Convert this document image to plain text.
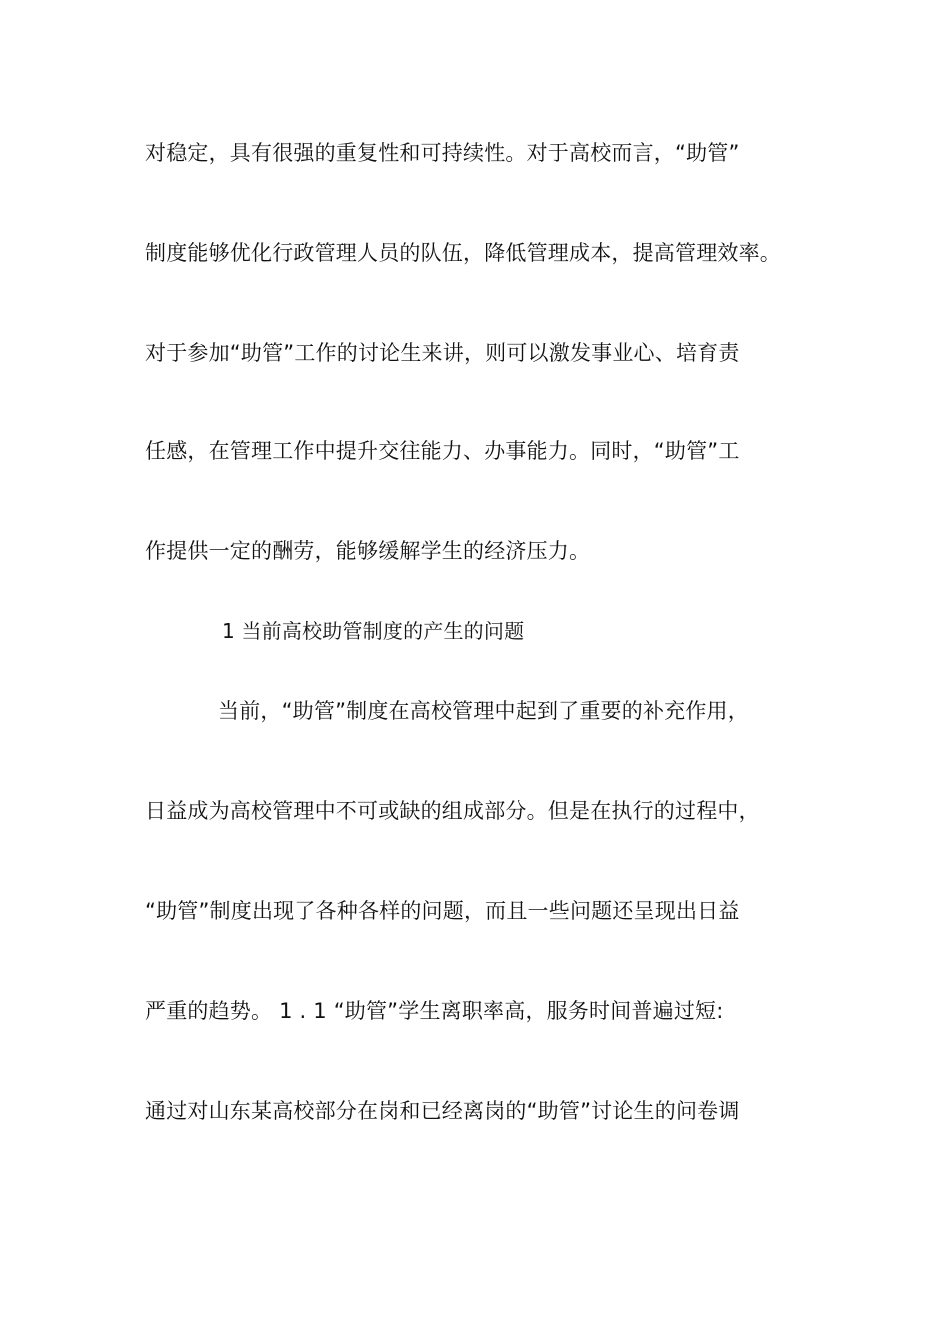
对稳定，具有很强的重复性和可持续性。对于高校而言，“助管”
制度能够优化行政管理人员的队伍，降低管理成本，提高管理效率。
对于参加“助管”工作的讨论生来讲，则可以激发事业心、培育责
任感，在管理工作中提升交往能力、办事能力。同时，“助管”工
作提供一定的酬劳，能够缓解学生的经济压力。
1 当前高校助管制度的产生的问题
当前，“助管”制度在高校管理中起到了重要的补充作用，
日益成为高校管理中不可或缺的组成部分。但是在执行的过程中，
“助管”制度出现了各种各样的问题，而且一些问题还呈现出日益
严重的趋势。 1 . 1 “助管”学生离职率高，服务时间普遍过短:
通过对山东某高校部分在岗和已经离岗的“助管”讨论生的问卷调
